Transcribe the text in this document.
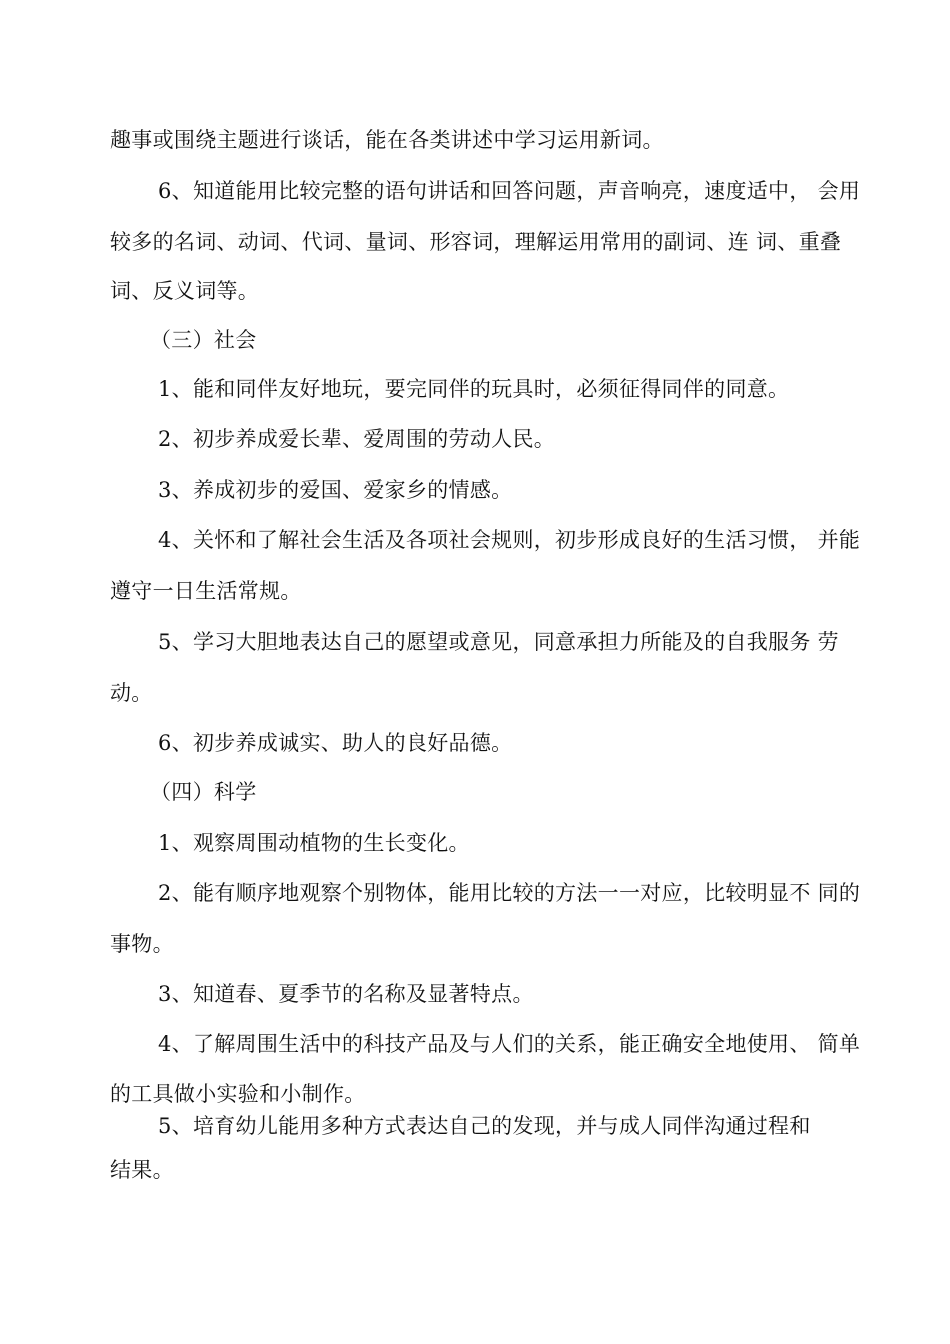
趣事或围绕主题进行谈话，能在各类讲述中学习运用新词。
6、知道能用比较完整的语句讲话和回答问题，声音响亮，速度适中， 会用
较多的名词、动词、代词、量词、形容词，理解运用常用的副词、连 词、重叠
词、反义词等。
（三）社会
1、能和同伴友好地玩，要完同伴的玩具时，必须征得同伴的同意。
2、初步养成爱长辈、爱周围的劳动人民。
3、养成初步的爱国、爱家乡的情感。
4、关怀和了解社会生活及各项社会规则，初步形成良好的生活习惯， 并能
遵守一日生活常规。
5、学习大胆地表达自己的愿望或意见，同意承担力所能及的自我服务 劳
动。
6、初步养成诚实、助人的良好品德。
（四）科学
1、观察周围动植物的生长变化。
2、能有顺序地观察个别物体，能用比较的方法一一对应，比较明显不 同的
事物。
3、知道春、夏季节的名称及显著特点。
4、了解周围生活中的科技产品及与人们的关系，能正确安全地使用、 简单
的工具做小实验和小制作。
5、培育幼儿能用多种方式表达自己的发现，并与成人同伴沟通过程和
结果。
